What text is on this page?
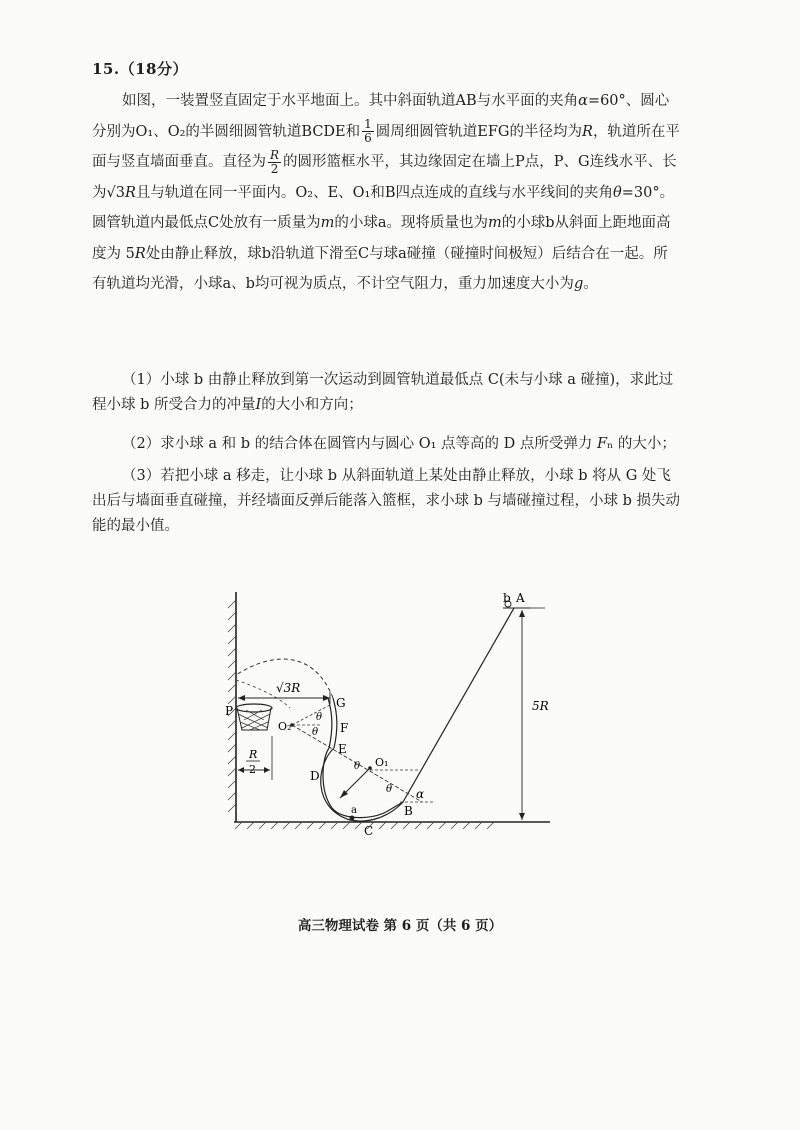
15.（18分）
如图，一装置竖直固定于水平地面上。其中斜面轨道AB与水平面的夹角α=60°、圆心分别为O₁、O₂的半圆细圆管轨道BCDE和 $\frac{1}{6}$ 圆周细圆管轨道EFG的半径均为R，轨道所在平面与竖直墙面垂直。直径为 $\frac{R}{2}$ 的圆形篮框水平，其边缘固定在墙上P点，P、G连线水平、长为√3R且与轨道在同一平面内。O₂、E、O₁和B四点连成的直线与水平线间的夹角θ=30°。圆管轨道内最低点C处放有一质量为m的小球a。现将质量也为m的小球b从斜面上距地面高度为 5R处由静止释放，球b沿轨道下滑至C与球a碰撞（碰撞时间极短）后结合在一起。所有轨道均光滑，小球a、b均可视为质点，不计空气阻力，重力加速度大小为g。
（1）小球 b 由静止释放到第一次运动到圆管轨道最低点 C(未与小球 a 碰撞)，求此过程小球 b 所受合力的冲量I的大小和方向；
（2）求小球 a 和 b 的结合体在圆管内与圆心 O₁ 点等高的 D 点所受弹力 Fₙ 的大小；
（3）若把小球 a 移走，让小球 b 从斜面轨道上某处由静止释放，小球 b 将从 G 处飞出后与墙面垂直碰撞，并经墙面反弹后能落入篮框，求小球 b 与墙碰撞过程，小球 b 损失动能的最小值。
b A
5R
α
B
C
a
D
E
F
G
P
O₂
O₁
θ
θ
θ
θ
√3R
R
2
高三物理试卷 第 6 页（共 6 页）
